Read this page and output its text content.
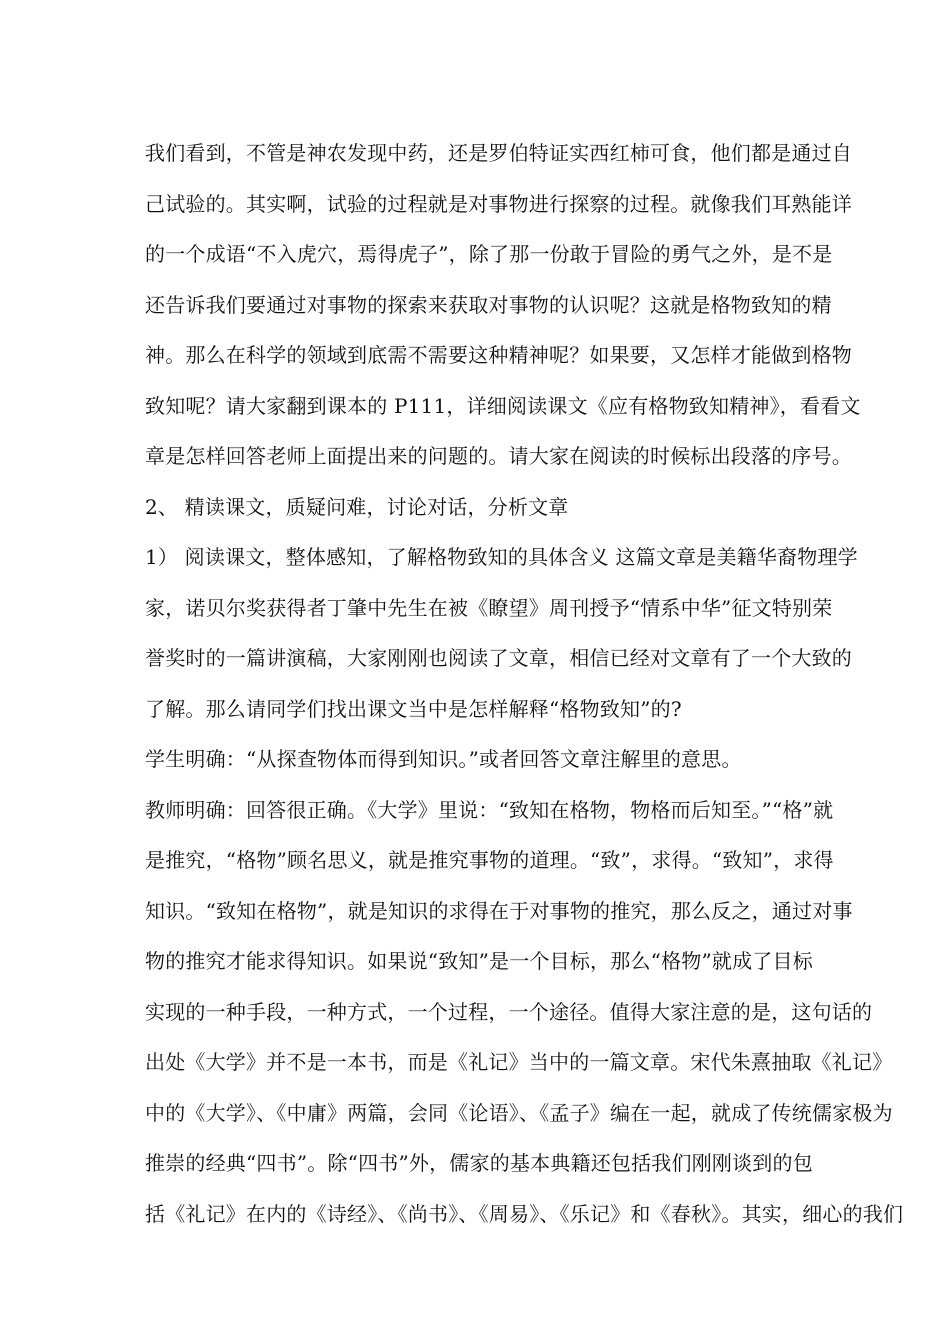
我们看到，不管是神农发现中药，还是罗伯特证实西红柿可食，他们都是通过自
己试验的。其实啊，试验的过程就是对事物进行探察的过程。就像我们耳熟能详
的一个成语“不入虎穴，焉得虎子”，除了那一份敢于冒险的勇气之外，是不是
还告诉我们要通过对事物的探索来获取对事物的认识呢？这就是格物致知的精
神。那么在科学的领域到底需不需要这种精神呢？如果要，又怎样才能做到格物
致知呢？请大家翻到课本的 P111，详细阅读课文《应有格物致知精神》，看看文
章是怎样回答老师上面提出来的问题的。请大家在阅读的时候标出段落的序号。
2、 精读课文，质疑问难，讨论对话，分析文章
1） 阅读课文，整体感知，了解格物致知的具体含义 这篇文章是美籍华裔物理学
家，诺贝尔奖获得者丁肇中先生在被《瞭望》周刊授予“情系中华”征文特别荣
誉奖时的一篇讲演稿，大家刚刚也阅读了文章，相信已经对文章有了一个大致的
了解。那么请同学们找出课文当中是怎样解释“格物致知”的?
学生明确：“从探查物体而得到知识。”或者回答文章注解里的意思。
教师明确：回答很正确。《大学》里说：“致知在格物，物格而后知至。”“格”就
是推究，“格物”顾名思义，就是推究事物的道理。“致”，求得。“致知”，求得
知识。“致知在格物”，就是知识的求得在于对事物的推究，那么反之，通过对事
物的推究才能求得知识。如果说“致知”是一个目标，那么“格物”就成了目标
实现的一种手段，一种方式，一个过程，一个途径。值得大家注意的是，这句话的
出处《大学》并不是一本书，而是《礼记》当中的一篇文章。宋代朱熹抽取《礼记》
中的《大学》、《中庸》两篇，会同《论语》、《孟子》编在一起，就成了传统儒家极为
推崇的经典“四书”。除“四书”外，儒家的基本典籍还包括我们刚刚谈到的包
括《礼记》在内的《诗经》、《尚书》、《周易》、《乐记》和《春秋》。其实，细心的我们
